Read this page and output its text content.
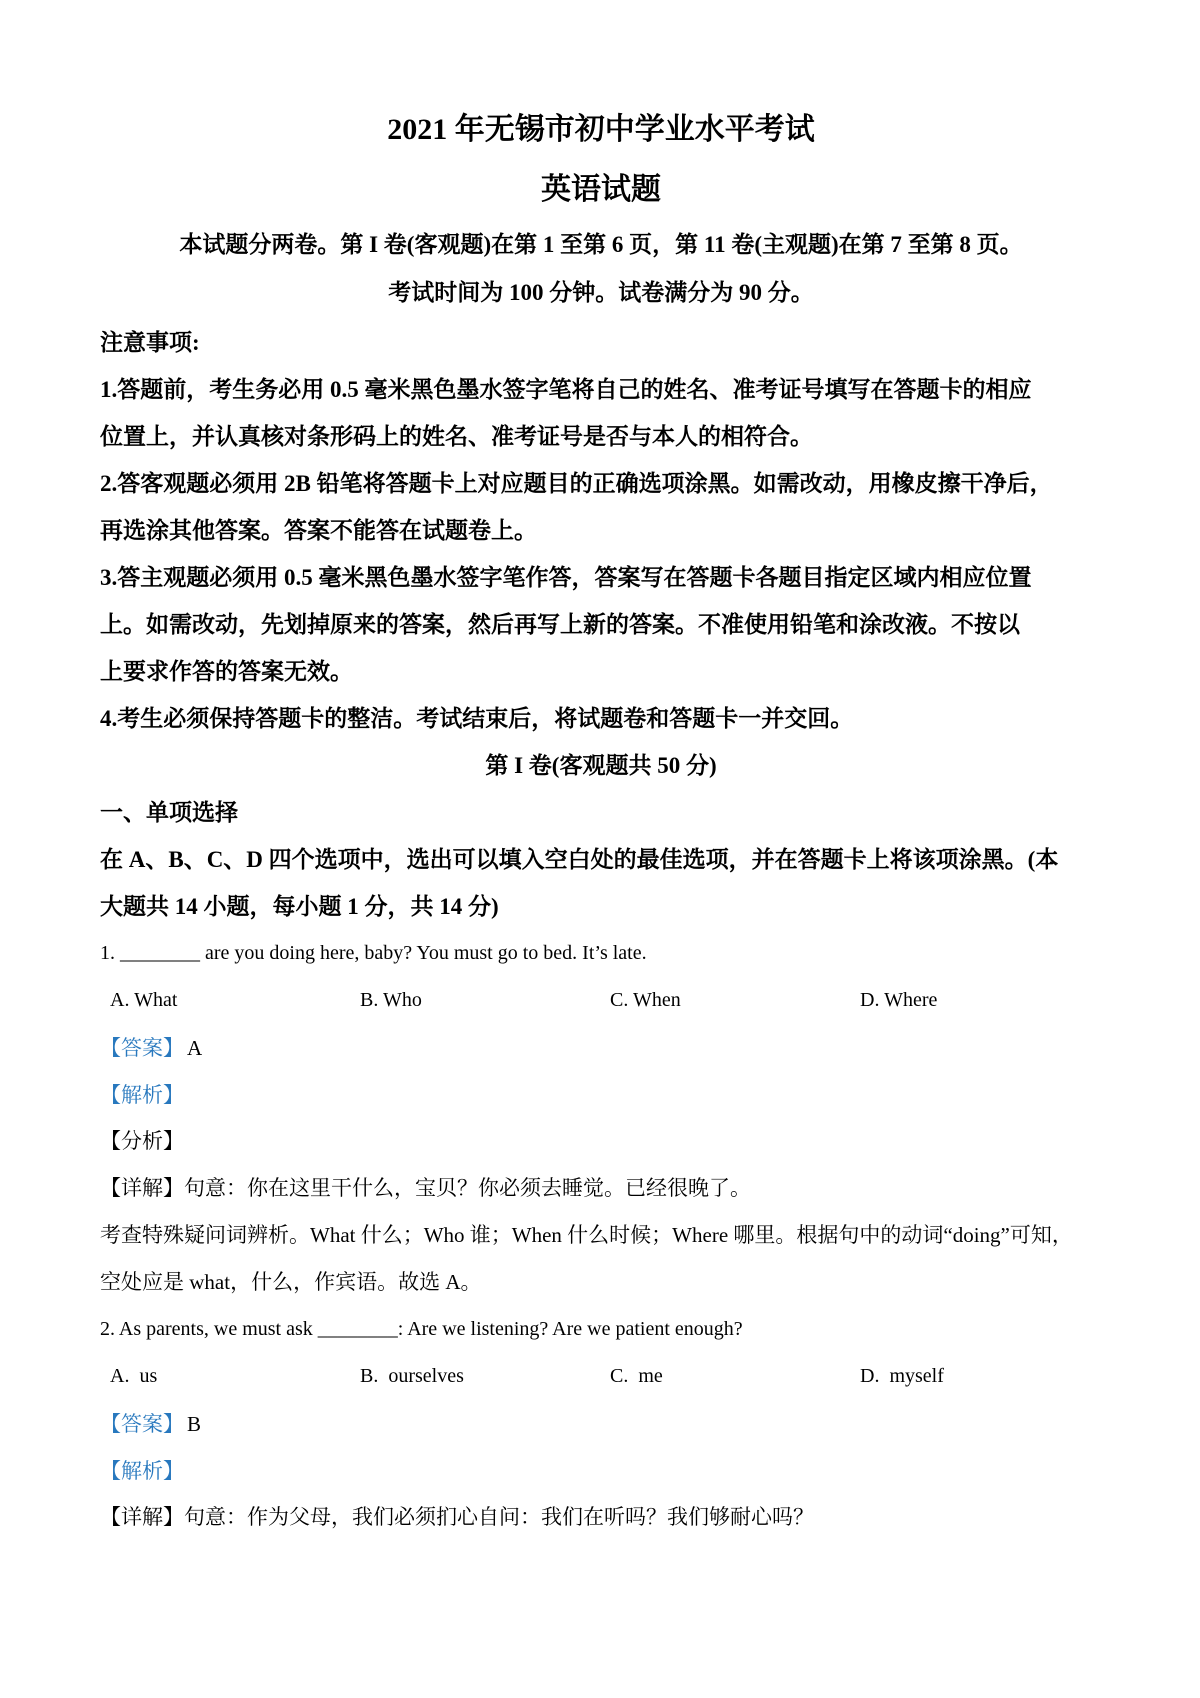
2021 年无锡市初中学业水平考试
英语试题
本试题分两卷。第 I 卷(客观题)在第 1 至第 6 页，第 11 卷(主观题)在第 7 至第 8 页。
考试时间为 100 分钟。试卷满分为 90 分。
注意事项:
1.答题前，考生务必用 0.5 毫米黑色墨水签字笔将自己的姓名、准考证号填写在答题卡的相应
位置上，并认真核对条形码上的姓名、准考证号是否与本人的相符合。
2.答客观题必须用 2B 铅笔将答题卡上对应题目的正确选项涂黑。如需改动，用橡皮擦干净后，
再选涂其他答案。答案不能答在试题卷上。
3.答主观题必须用 0.5 毫米黑色墨水签字笔作答，答案写在答题卡各题目指定区域内相应位置
上。如需改动，先划掉原来的答案，然后再写上新的答案。不准使用铅笔和涂改液。不按以
上要求作答的答案无效。
4.考生必须保持答题卡的整洁。考试结束后，将试题卷和答题卡一并交回。
第 I 卷(客观题共 50 分)
一、单项选择
在 A、B、C、D 四个选项中，选出可以填入空白处的最佳选项，并在答题卡上将该项涂黑。(本
大题共 14 小题，每小题 1 分，共 14 分)
1. ________ are you doing here, baby? You must go to bed. It’s late.
A. What	B. Who	C. When	D. Where
【答案】 A
【解析】
【分析】
【详解】句意：你在这里干什么，宝贝？你必须去睡觉。已经很晚了。
考查特殊疑问词辨析。What 什么；Who 谁；When 什么时候；Where 哪里。根据句中的动词“doing”可知，
空处应是 what，什么，作宾语。故选 A。
2. As parents, we must ask ________: Are we listening? Are we patient enough?
A.  us	B.  ourselves	C.  me	D.  myself
【答案】 B
【解析】
【详解】句意：作为父母，我们必须扪心自问：我们在听吗？我们够耐心吗？
